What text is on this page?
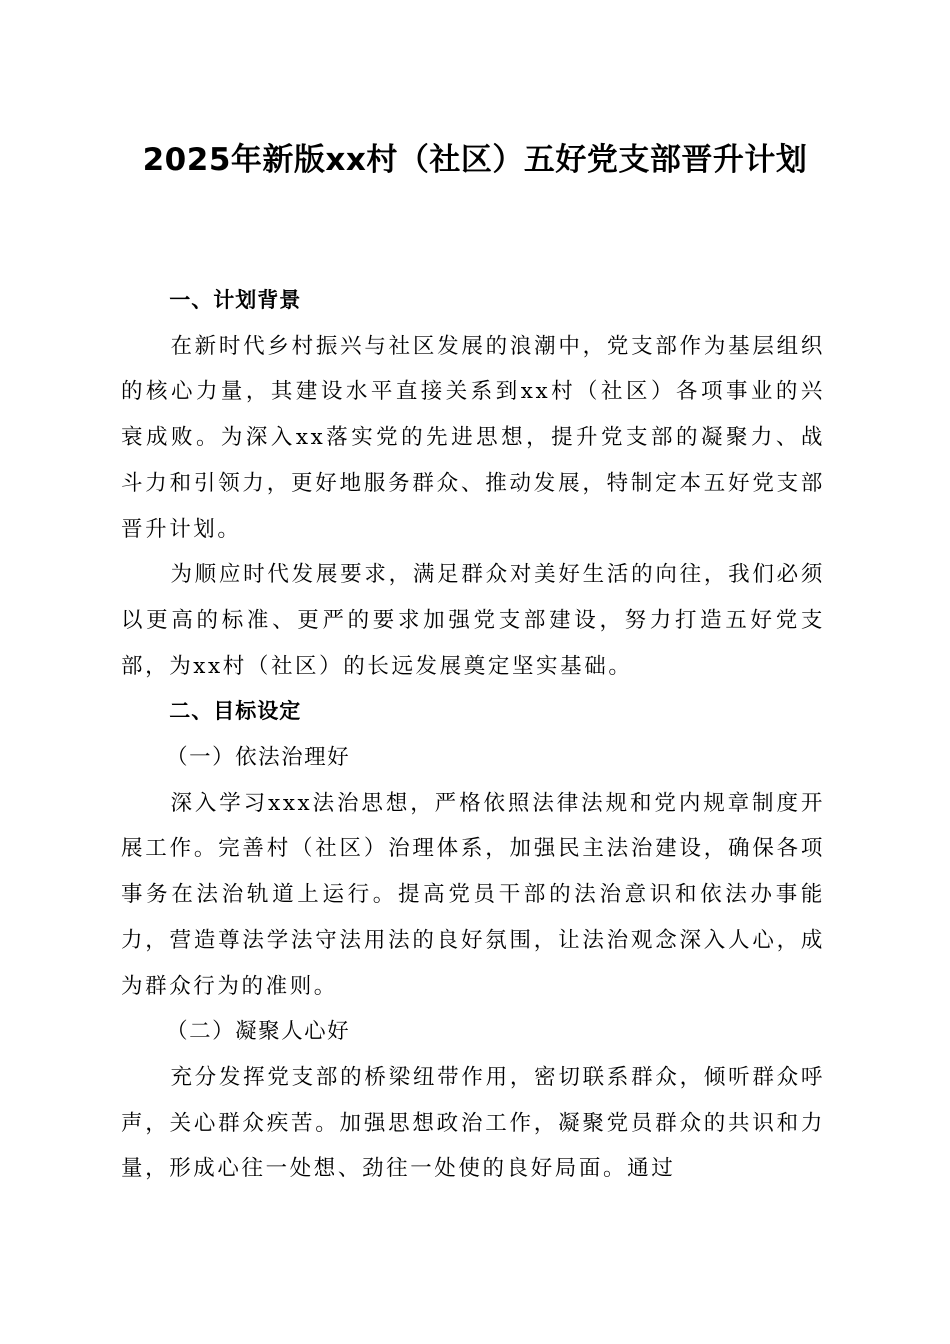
2025年新版xx村（社区）五好党支部晋升计划

一、计划背景

在新时代乡村振兴与社区发展的浪潮中，党支部作为基层组织的核心力量，其建设水平直接关系到xx村（社区）各项事业的兴衰成败。为深入xx落实党的先进思想，提升党支部的凝聚力、战斗力和引领力，更好地服务群众、推动发展，特制定本五好党支部晋升计划。

为顺应时代发展要求，满足群众对美好生活的向往，我们必须以更高的标准、更严的要求加强党支部建设，努力打造五好党支部，为xx村（社区）的长远发展奠定坚实基础。

二、目标设定

（一）依法治理好

深入学习xxx法治思想，严格依照法律法规和党内规章制度开展工作。完善村（社区）治理体系，加强民主法治建设，确保各项事务在法治轨道上运行。提高党员干部的法治意识和依法办事能力，营造尊法学法守法用法的良好氛围，让法治观念深入人心，成为群众行为的准则。

（二）凝聚人心好

充分发挥党支部的桥梁纽带作用，密切联系群众，倾听群众呼声，关心群众疾苦。加强思想政治工作，凝聚党员群众的共识和力量，形成心往一处想、劲往一处使的良好局面。通过
